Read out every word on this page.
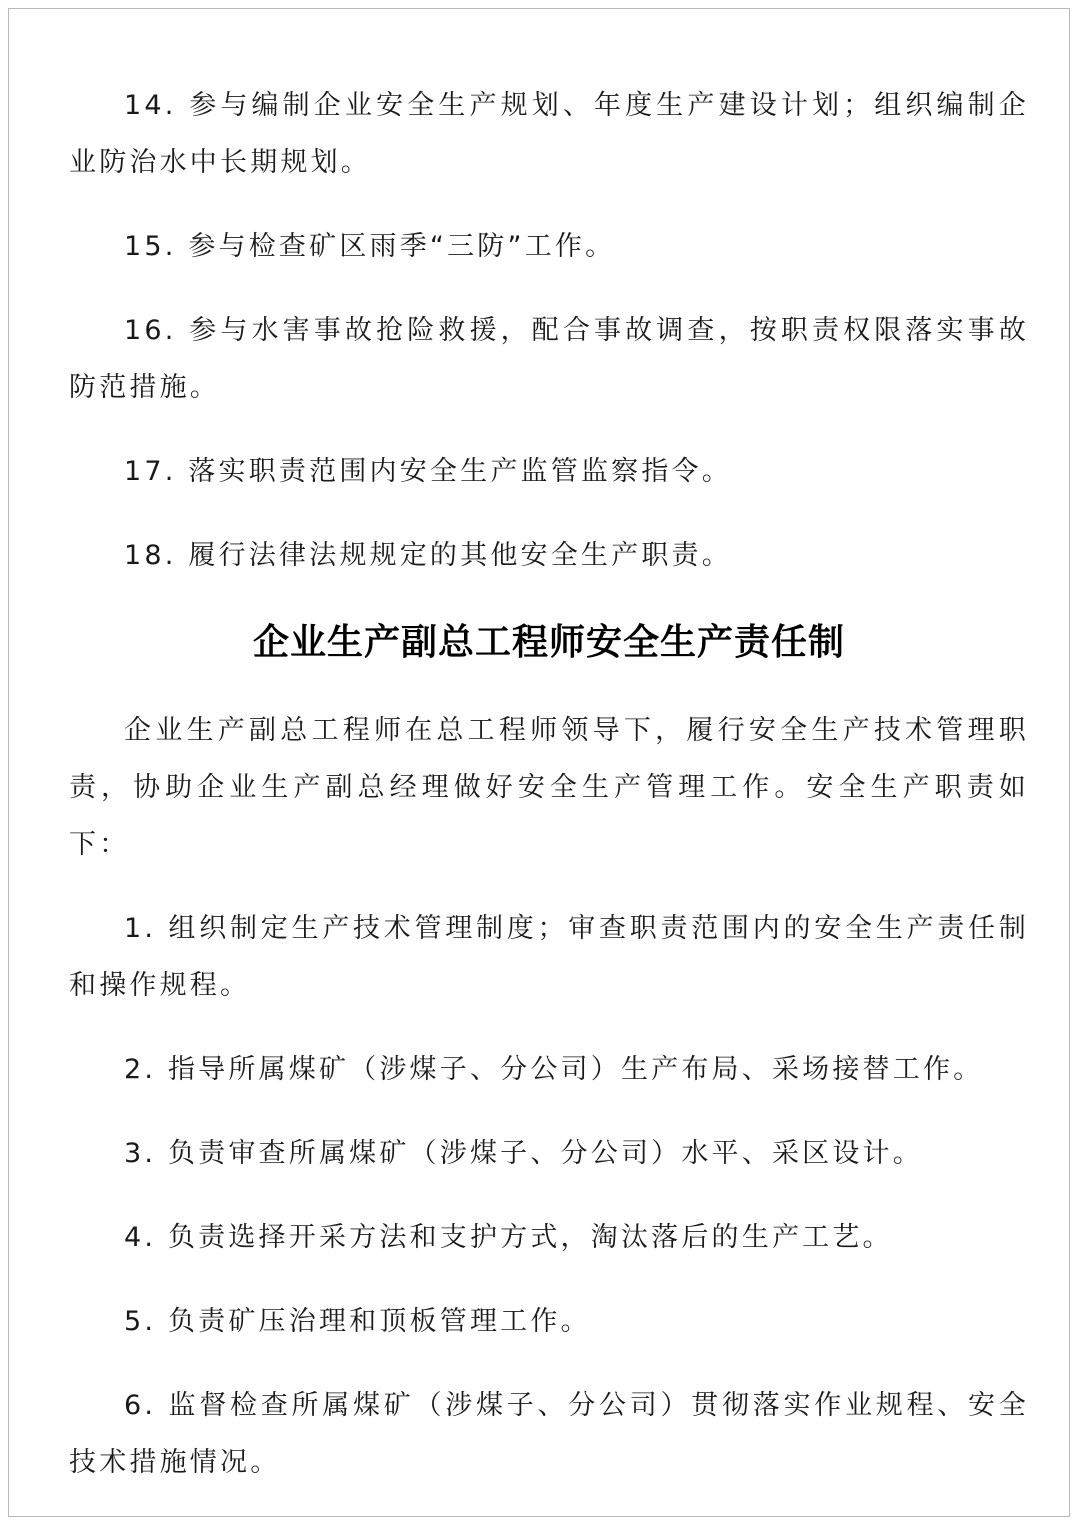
14. 参与编制企业安全生产规划、年度生产建设计划；组织编制企业防治水中长期规划。

15. 参与检查矿区雨季“三防”工作。

16. 参与水害事故抢险救援，配合事故调查，按职责权限落实事故防范措施。

17. 落实职责范围内安全生产监管监察指令。

18. 履行法律法规规定的其他安全生产职责。

企业生产副总工程师安全生产责任制

企业生产副总工程师在总工程师领导下，履行安全生产技术管理职责，协助企业生产副总经理做好安全生产管理工作。安全生产职责如下：

1. 组织制定生产技术管理制度；审查职责范围内的安全生产责任制和操作规程。

2. 指导所属煤矿（涉煤子、分公司）生产布局、采场接替工作。

3. 负责审查所属煤矿（涉煤子、分公司）水平、采区设计。

4. 负责选择开采方法和支护方式，淘汰落后的生产工艺。

5. 负责矿压治理和顶板管理工作。

6. 监督检查所属煤矿（涉煤子、分公司）贯彻落实作业规程、安全技术措施情况。
